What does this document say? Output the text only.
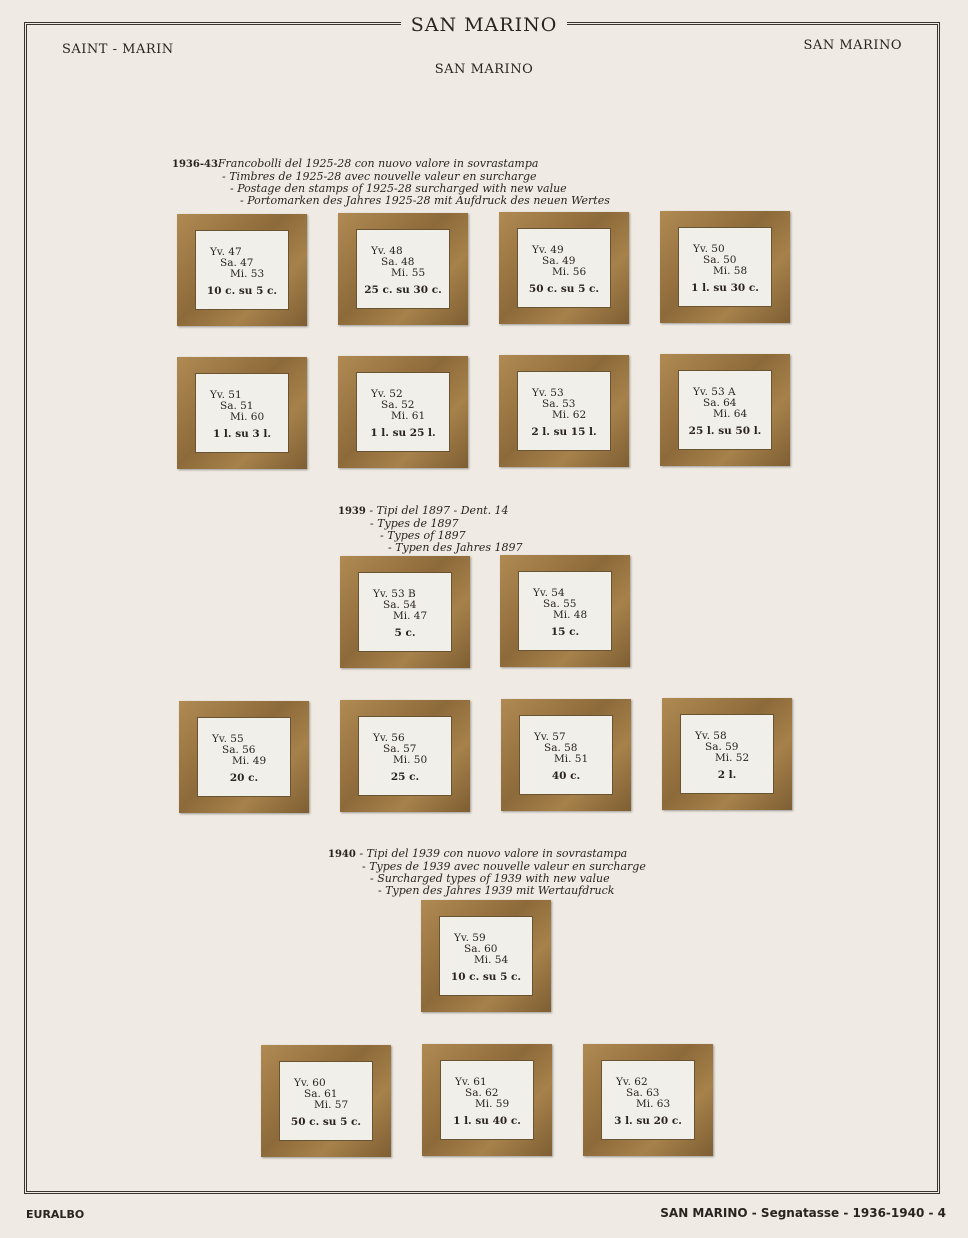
SAN MARINO
SAINT - MARIN	SAN MARINO
SAN MARINO
1936-43Francobolli del 1925-28 con nuovo valore in sovrastampa
- Timbres de 1925-28 avec nouvelle valeur en surcharge
- Postage den stamps of 1925-28 surcharged with new value
- Portomarken des Jahres 1925-28 mit Aufdruck des neuen Wertes
1939 - Tipi del 1897 - Dent. 14
- Types de 1897
- Types of 1897
- Typen des Jahres 1897
1940 - Tipi del 1939 con nuovo valore in sovrastampa
- Types de 1939 avec nouvelle valeur en surcharge
- Surcharged types of 1939 with new value
- Typen des Jahres 1939 mit Wertaufdruck
Yv. 47
Sa. 47
Mi. 53
10 c. su 5 c.
Yv. 48
Sa. 48
Mi. 55
25 c. su 30 c.
Yv. 49
Sa. 49
Mi. 56
50 c. su 5 c.
Yv. 50
Sa. 50
Mi. 58
1 l. su 30 c.
Yv. 51
Sa. 51
Mi. 60
1 l. su 3 l.
Yv. 52
Sa. 52
Mi. 61
1 l. su 25 l.
Yv. 53
Sa. 53
Mi. 62
2 l. su 15 l.
Yv. 53 A
Sa. 64
Mi. 64
25 l. su 50 l.
Yv. 53 B
Sa. 54
Mi. 47
5 c.
Yv. 54
Sa. 55
Mi. 48
15 c.
Yv. 55
Sa. 56
Mi. 49
20 c.
Yv. 56
Sa. 57
Mi. 50
25 c.
Yv. 57
Sa. 58
Mi. 51
40 c.
Yv. 58
Sa. 59
Mi. 52
2 l.
Yv. 59
Sa. 60
Mi. 54
10 c. su 5 c.
Yv. 60
Sa. 61
Mi. 57
50 c. su 5 c.
Yv. 61
Sa. 62
Mi. 59
1 l. su 40 c.
Yv. 62
Sa. 63
Mi. 63
3 l. su 20 c.
EURALBO	SAN MARINO - Segnatasse - 1936-1940 - 4
